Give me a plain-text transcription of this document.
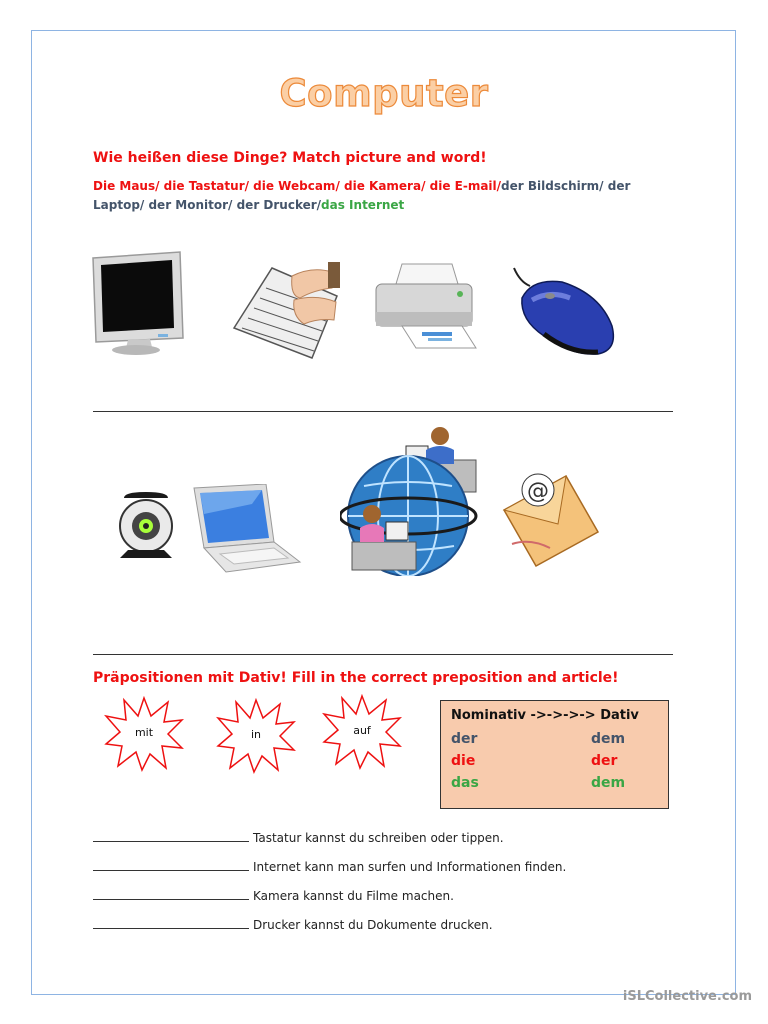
Computer
Wie heißen diese Dinge? Match picture and word!
Die Maus/ die Tastatur/ die Webcam/ die Kamera/ die E-mail/der Bildschirm/ der Laptop/ der Monitor/ der Drucker/das Internet
@
Präpositionen mit Dativ! Fill in the correct preposition and article!
mit	in	auf
Nominativ ->->->-> Dativ
der	dem
die	der
das	dem
Tastatur kannst du schreiben oder tippen.
Internet kann man surfen und Informationen finden.
Kamera kannst du Filme machen.
Drucker kannst du Dokumente drucken.
iSLCollective.com
